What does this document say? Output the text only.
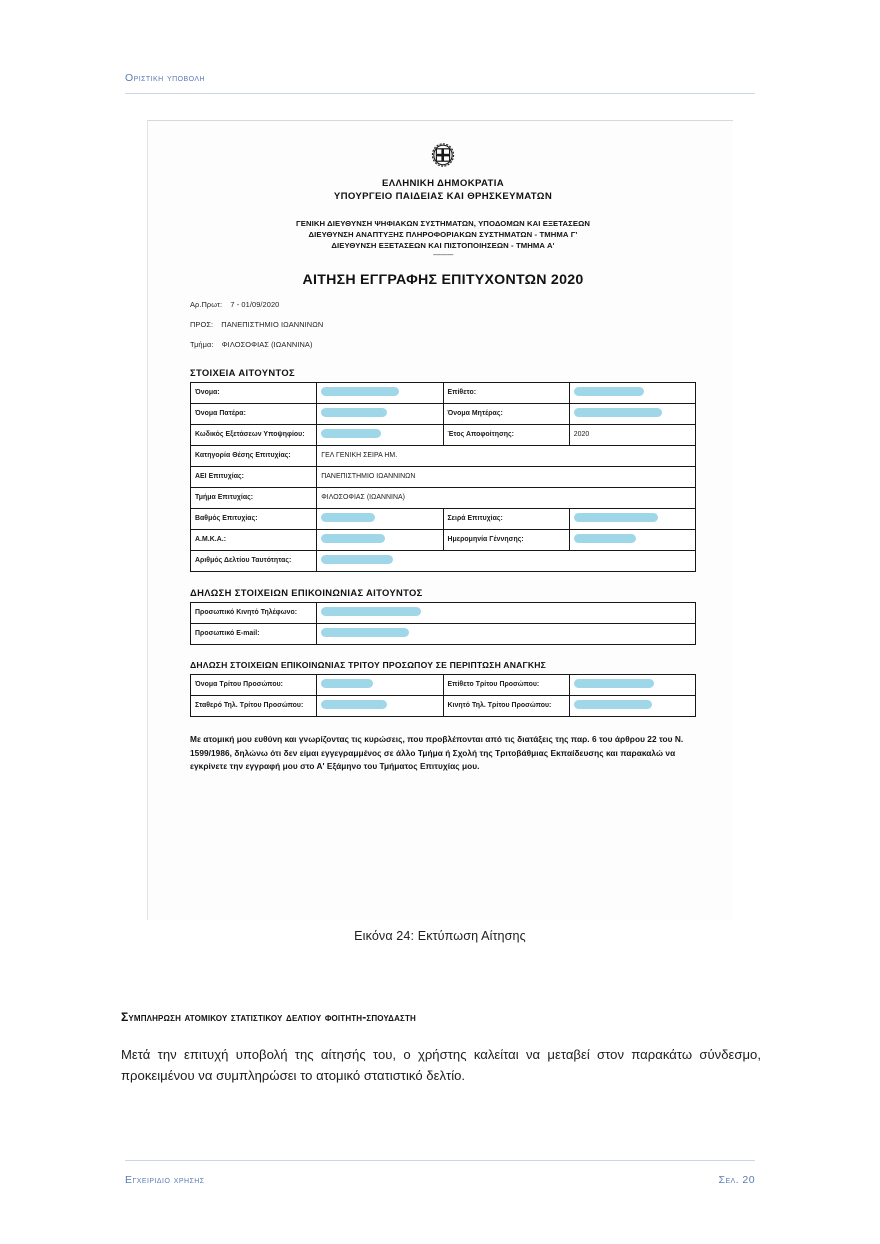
Οριστικη υποβολη
ΕΛΛΗΝΙΚΗ ΔΗΜΟΚΡΑΤΙΑ
ΥΠΟΥΡΓΕΙΟ ΠΑΙΔΕΙΑΣ ΚΑΙ ΘΡΗΣΚΕΥΜΑΤΩΝ
ΓΕΝΙΚΗ ΔΙΕΥΘΥΝΣΗ ΨΗΦΙΑΚΩΝ ΣΥΣΤΗΜΑΤΩΝ, ΥΠΟΔΟΜΩΝ ΚΑΙ ΕΞΕΤΑΣΕΩΝ
ΔΙΕΥΘΥΝΣΗ ΑΝΑΠΤΥΞΗΣ ΠΛΗΡΟΦΟΡΙΑΚΩΝ ΣΥΣΤΗΜΑΤΩΝ - ΤΜΗΜΑ Γ'
ΔΙΕΥΘΥΝΣΗ ΕΞΕΤΑΣΕΩΝ ΚΑΙ ΠΙΣΤΟΠΟΙΗΣΕΩΝ - ΤΜΗΜΑ Α'
-----------
ΑΙΤΗΣΗ ΕΓΓΡΑΦΗΣ ΕΠΙΤΥΧΟΝΤΩΝ 2020
Αρ.Πρωτ: 7 - 01/09/2020
ΠΡΟΣ: ΠΑΝΕΠΙΣΤΗΜΙΟ ΙΩΑΝΝΙΝΩΝ
Τμήμα: ΦΙΛΟΣΟΦΙΑΣ (ΙΩΑΝΝΙΝΑ)
ΣΤΟΙΧΕΙΑ ΑΙΤΟΥΝΤΟΣ
Όνομα:		Επίθετο:	
Όνομα Πατέρα:		Όνομα Μητέρας:	
Κωδικός Εξετάσεων Υποψηφίου:		Έτος Αποφοίτησης:	2020
Κατηγορία Θέσης Επιτυχίας:	ΓΕΛ ΓΕΝΙΚΗ ΣΕΙΡΑ ΗΜ.		
ΑΕΙ Επιτυχίας:	ΠΑΝΕΠΙΣΤΗΜΙΟ ΙΩΑΝΝΙΝΩΝ		
Τμήμα Επιτυχίας:	ΦΙΛΟΣΟΦΙΑΣ (ΙΩΑΝΝΙΝΑ)		
Βαθμός Επιτυχίας:		Σειρά Επιτυχίας:	
Α.Μ.Κ.Α.:		Ημερομηνία Γέννησης:	
Αριθμός Δελτίου Ταυτότητας:			
ΔΗΛΩΣΗ ΣΤΟΙΧΕΙΩΝ ΕΠΙΚΟΙΝΩΝΙΑΣ ΑΙΤΟΥΝΤΟΣ
Προσωπικό Κινητό Τηλέφωνο:	
Προσωπικό E-mail:	
ΔΗΛΩΣΗ ΣΤΟΙΧΕΙΩΝ ΕΠΙΚΟΙΝΩΝΙΑΣ ΤΡΙΤΟΥ ΠΡΟΣΩΠΟΥ ΣΕ ΠΕΡΙΠΤΩΣΗ ΑΝΑΓΚΗΣ
Όνομα Τρίτου Προσώπου:		Επίθετο Τρίτου Προσώπου:	
Σταθερό Τηλ. Τρίτου Προσώπου:		Κινητό Τηλ. Τρίτου Προσώπου:	
Με ατομική μου ευθύνη και γνωρίζοντας τις κυρώσεις, που προβλέπονται από τις διατάξεις της παρ. 6 του άρθρου 22 του Ν. 1599/1986, δηλώνω ότι δεν είμαι εγγεγραμμένος σε άλλο Τμήμα ή Σχολή της Τριτοβάθμιας Εκπαίδευσης και παρακαλώ να εγκρίνετε την εγγραφή μου στο Α' Εξάμηνο του Τμήματος Επιτυχίας μου.
Εικόνα 24: Εκτύπωση Αίτησης
Συμπληρωση ατομικου στατιστικου δελτιου φοιτητη-σπουδαστη
Μετά την επιτυχή υποβολή της αίτησής του, ο χρήστης καλείται να μεταβεί στον παρακάτω σύνδεσμο, προκειμένου να συμπληρώσει το ατομικό στατιστικό δελτίο.
Εγχειριδιο χρησης	σελ. 20
